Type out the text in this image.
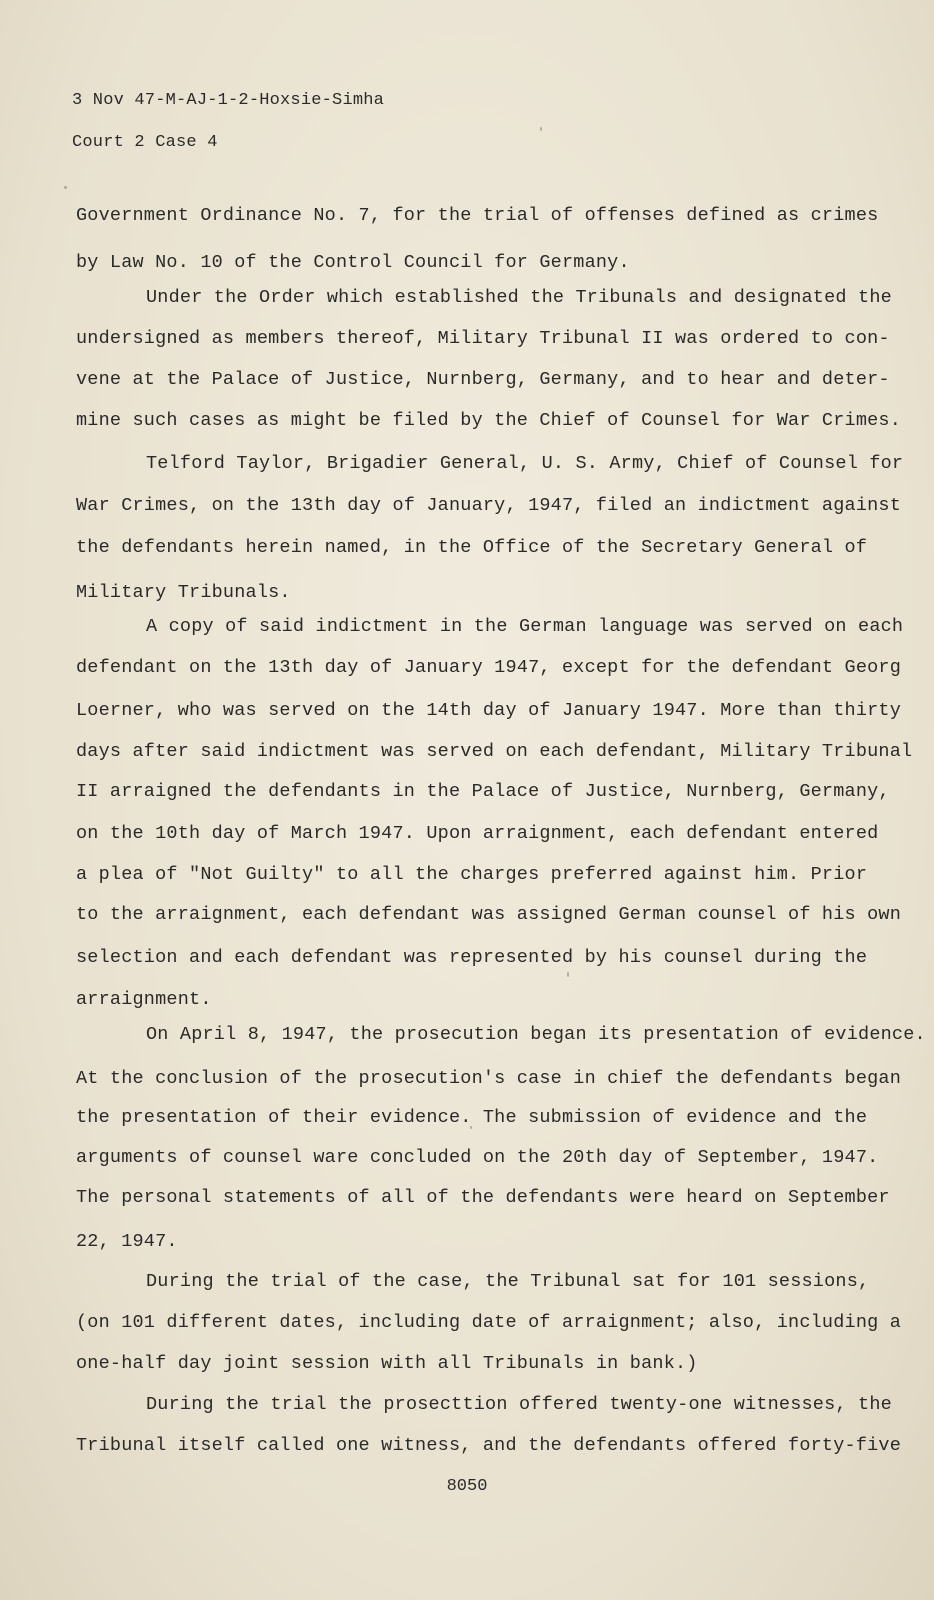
3 Nov 47-M-AJ-1-2-Hoxsie-Simha
Court 2 Case 4
Government Ordinance No. 7, for the trial of offenses defined as crimes
by Law No. 10 of the Control Council for Germany.
Under the Order which established the Tribunals and designated the
undersigned as members thereof, Military Tribunal II was ordered to con-
vene at the Palace of Justice, Nurnberg, Germany, and to hear and deter-
mine such cases as might be filed by the Chief of Counsel for War Crimes.
Telford Taylor, Brigadier General, U. S. Army, Chief of Counsel for
War Crimes, on the 13th day of January, 1947, filed an indictment against
the defendants herein named, in the Office of the Secretary General of
Military Tribunals.
A copy of said indictment in the German language was served on each
defendant on the 13th day of January 1947, except for the defendant Georg
Loerner, who was served on the 14th day of January 1947. More than thirty
days after said indictment was served on each defendant, Military Tribunal
II arraigned the defendants in the Palace of Justice, Nurnberg, Germany,
on the 10th day of March 1947. Upon arraignment, each defendant entered
a plea of "Not Guilty" to all the charges preferred against him. Prior
to the arraignment, each defendant was assigned German counsel of his own
selection and each defendant was represented by his counsel during the
arraignment.
On April 8, 1947, the prosecution began its presentation of evidence.
At the conclusion of the prosecution's case in chief the defendants began
the presentation of their evidence. The submission of evidence and the
arguments of counsel ware concluded on the 20th day of September, 1947.
The personal statements of all of the defendants were heard on September
22, 1947.
During the trial of the case, the Tribunal sat for 101 sessions,
(on 101 different dates, including date of arraignment; also, including a
one-half day joint session with all Tribunals in bank.)
During the trial the prosecttion offered twenty-one witnesses, the
Tribunal itself called one witness, and the defendants offered forty-five
8050
